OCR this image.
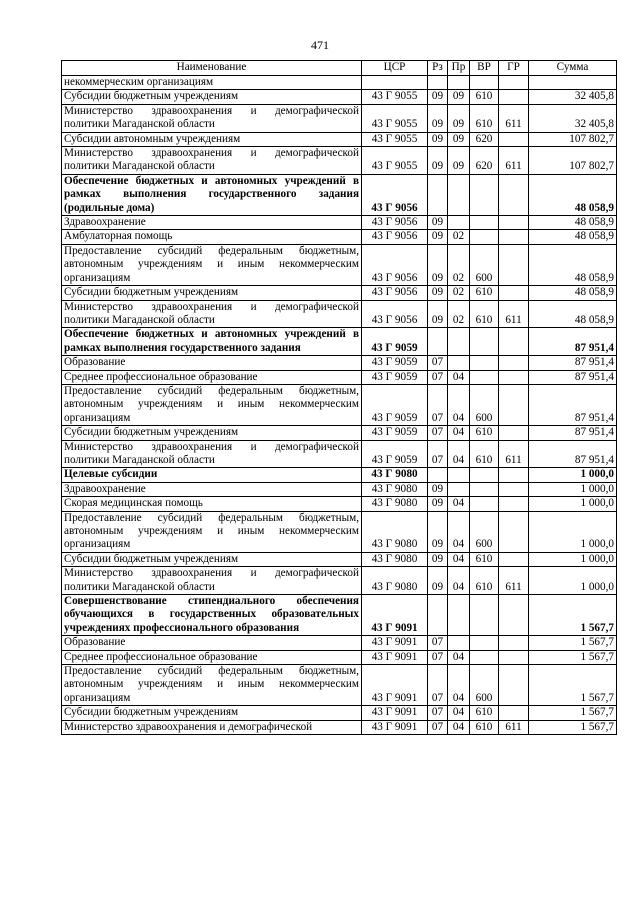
471
Наименование	ЦСР	Рз	Пр	ВР	ГР	Сумма
некоммерческим организациям						
Субсидии бюджетным учреждениям	43 Г 9055	09	09	610		32 405,8
Министерство здравоохранения и демографической политики Магаданской области	43 Г 9055	09	09	610	611	32 405,8
Субсидии автономным учреждениям	43 Г 9055	09	09	620		107 802,7
Министерство здравоохранения и демографической политики Магаданской области	43 Г 9055	09	09	620	611	107 802,7
Обеспечение бюджетных и автономных учреждений в рамках выполнения государственного задания (родильные дома)	43 Г 9056					48 058,9
Здравоохранение	43 Г 9056	09				48 058,9
Амбулаторная помощь	43 Г 9056	09	02			48 058,9
Предоставление субсидий федеральным бюджетным, автономным учреждениям и иным некоммерческим организациям	43 Г 9056	09	02	600		48 058,9
Субсидии бюджетным учреждениям	43 Г 9056	09	02	610		48 058,9
Министерство здравоохранения и демографической политики Магаданской области	43 Г 9056	09	02	610	611	48 058,9
Обеспечение бюджетных и автономных учреждений в рамках выполнения государственного задания	43 Г 9059					87 951,4
Образование	43 Г 9059	07				87 951,4
Среднее профессиональное образование	43 Г 9059	07	04			87 951,4
Предоставление субсидий федеральным бюджетным, автономным учреждениям и иным некоммерческим организациям	43 Г 9059	07	04	600		87 951,4
Субсидии бюджетным учреждениям	43 Г 9059	07	04	610		87 951,4
Министерство здравоохранения и демографической политики Магаданской области	43 Г 9059	07	04	610	611	87 951,4
Целевые субсидии	43 Г 9080					1 000,0
Здравоохранение	43 Г 9080	09				1 000,0
Скорая медицинская помощь	43 Г 9080	09	04			1 000,0
Предоставление субсидий федеральным бюджетным, автономным учреждениям и иным некоммерческим организациям	43 Г 9080	09	04	600		1 000,0
Субсидии бюджетным учреждениям	43 Г 9080	09	04	610		1 000,0
Министерство здравоохранения и демографической политики Магаданской области	43 Г 9080	09	04	610	611	1 000,0
Совершенствование стипендиального обеспечения обучающихся в государственных образовательных учреждениях профессионального образования	43 Г 9091					1 567,7
Образование	43 Г 9091	07				1 567,7
Среднее профессиональное образование	43 Г 9091	07	04			1 567,7
Предоставление субсидий федеральным бюджетным, автономным учреждениям и иным некоммерческим организациям	43 Г 9091	07	04	600		1 567,7
Субсидии бюджетным учреждениям	43 Г 9091	07	04	610		1 567,7
Министерство здравоохранения и демографической	43 Г 9091	07	04	610	611	1 567,7
